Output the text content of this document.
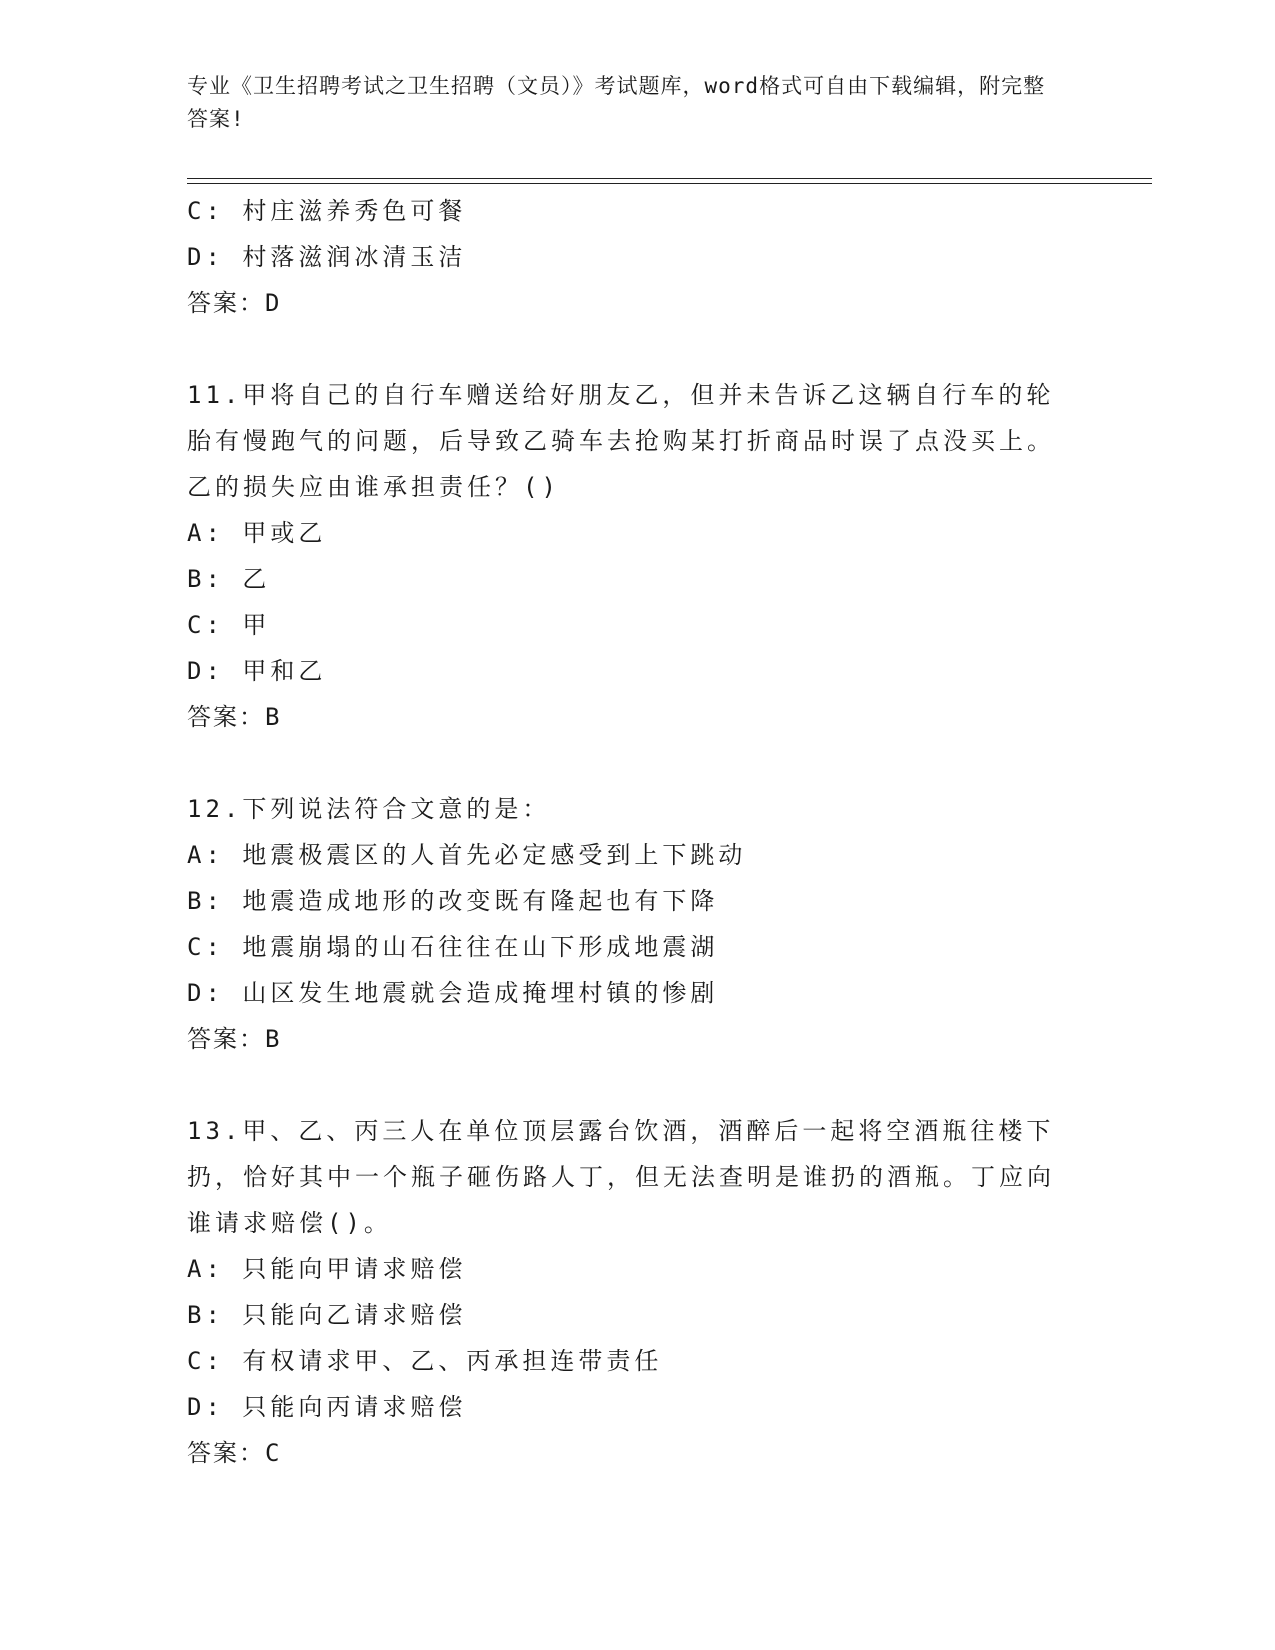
专业《卫生招聘考试之卫生招聘（文员）》考试题库，word格式可自由下载编辑，附完整答案!
C: 村庄滋养秀色可餐
D: 村落滋润冰清玉洁
答案：D
11.甲将自己的自行车赠送给好朋友乙，但并未告诉乙这辆自行车的轮胎有慢跑气的问题，后导致乙骑车去抢购某打折商品时误了点没买上。乙的损失应由谁承担责任？()
A: 甲或乙
B: 乙
C: 甲
D: 甲和乙
答案：B
12.下列说法符合文意的是：
A: 地震极震区的人首先必定感受到上下跳动
B: 地震造成地形的改变既有隆起也有下降
C: 地震崩塌的山石往往在山下形成地震湖
D: 山区发生地震就会造成掩埋村镇的惨剧
答案：B
13.甲、乙、丙三人在单位顶层露台饮酒，酒醉后一起将空酒瓶往楼下扔，恰好其中一个瓶子砸伤路人丁，但无法查明是谁扔的酒瓶。丁应向谁请求赔偿()。
A: 只能向甲请求赔偿
B: 只能向乙请求赔偿
C: 有权请求甲、乙、丙承担连带责任
D: 只能向丙请求赔偿
答案：C
